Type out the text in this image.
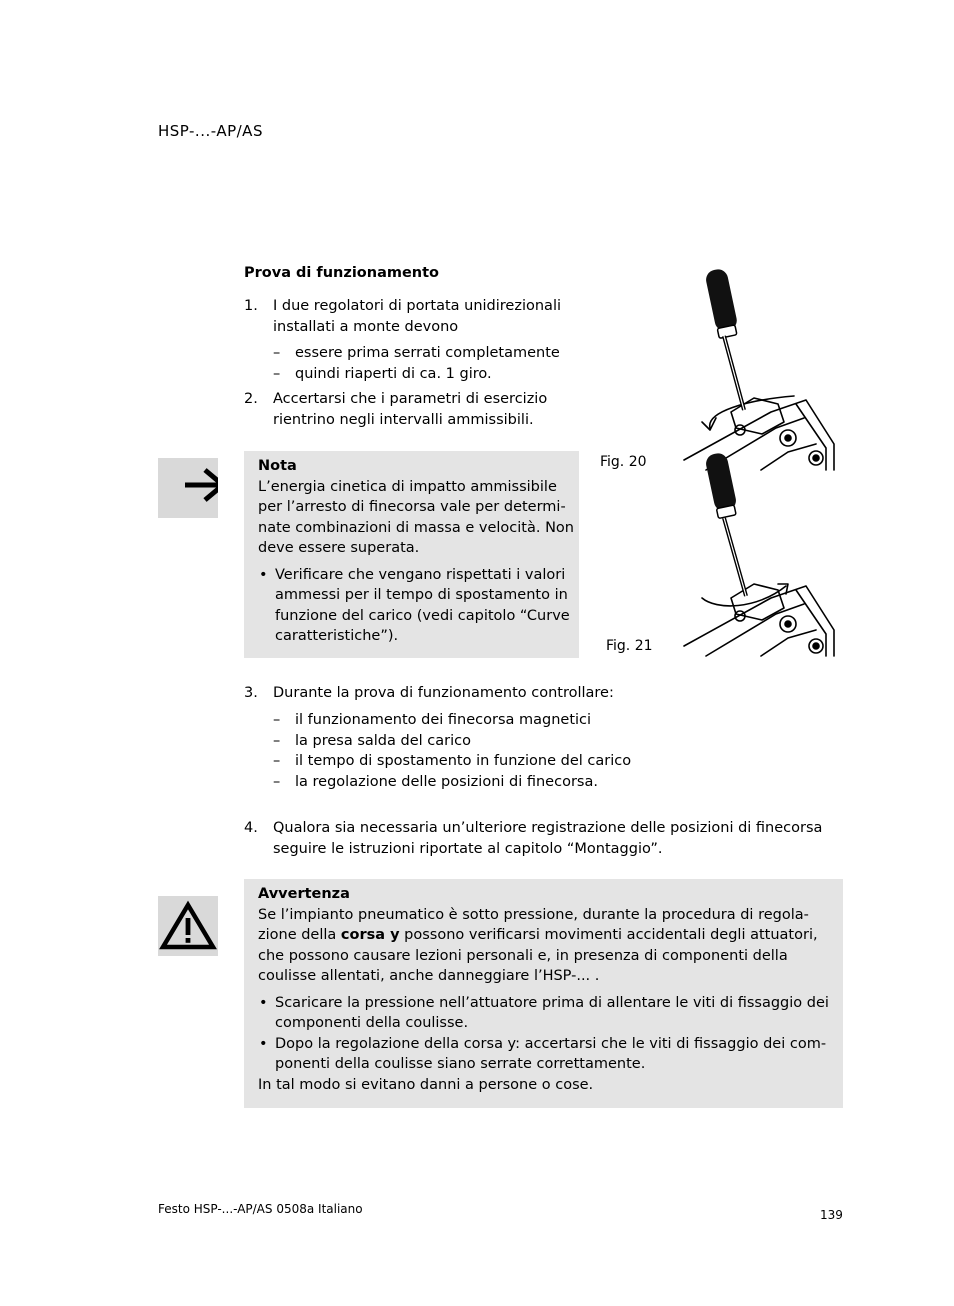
HSP-...-AP/AS
Prova di funzionamento
1. I due regolatori di portata unidirezionali
installati a monte devono
– essere prima serrati completamente
– quindi riaperti di ca. 1 giro.
2. Accertarsi che i parametri di esercizio
rientrino negli intervalli ammissibili.
Nota
L’energia cinetica di impatto ammissibile
per l’arresto di finecorsa vale per determi-
nate combinazioni di massa e velocità. Non
deve essere superata.
• Verificare che vengano rispettati i valori
ammessi per il tempo di spostamento in
funzione del carico (vedi capitolo “Curve
caratteristiche”).
Fig. 20
Fig. 21
3. Durante la prova di funzionamento controllare:
– il funzionamento dei finecorsa magnetici
– la presa salda del carico
– il tempo di spostamento in funzione del carico
– la regolazione delle posizioni di finecorsa.
4. Qualora sia necessaria un’ulteriore registrazione delle posizioni di finecorsa
seguire le istruzioni riportate al capitolo “Montaggio”.
Avvertenza
Se l’impianto pneumatico è sotto pressione, durante la procedura di regola-
zione della corsa y possono verificarsi movimenti accidentali degli attuatori,
che possono causare lezioni personali e, in presenza di componenti della
coulisse allentati, anche danneggiare l’HSP-... .
• Scaricare la pressione nell’attuatore prima di allentare le viti di fissaggio dei
componenti della coulisse.
• Dopo la regolazione della corsa y: accertarsi che le viti di fissaggio dei com-
ponenti della coulisse siano serrate correttamente.
In tal modo si evitano danni a persone o cose.
Festo HSP-...-AP/AS 0508a Italiano	139
